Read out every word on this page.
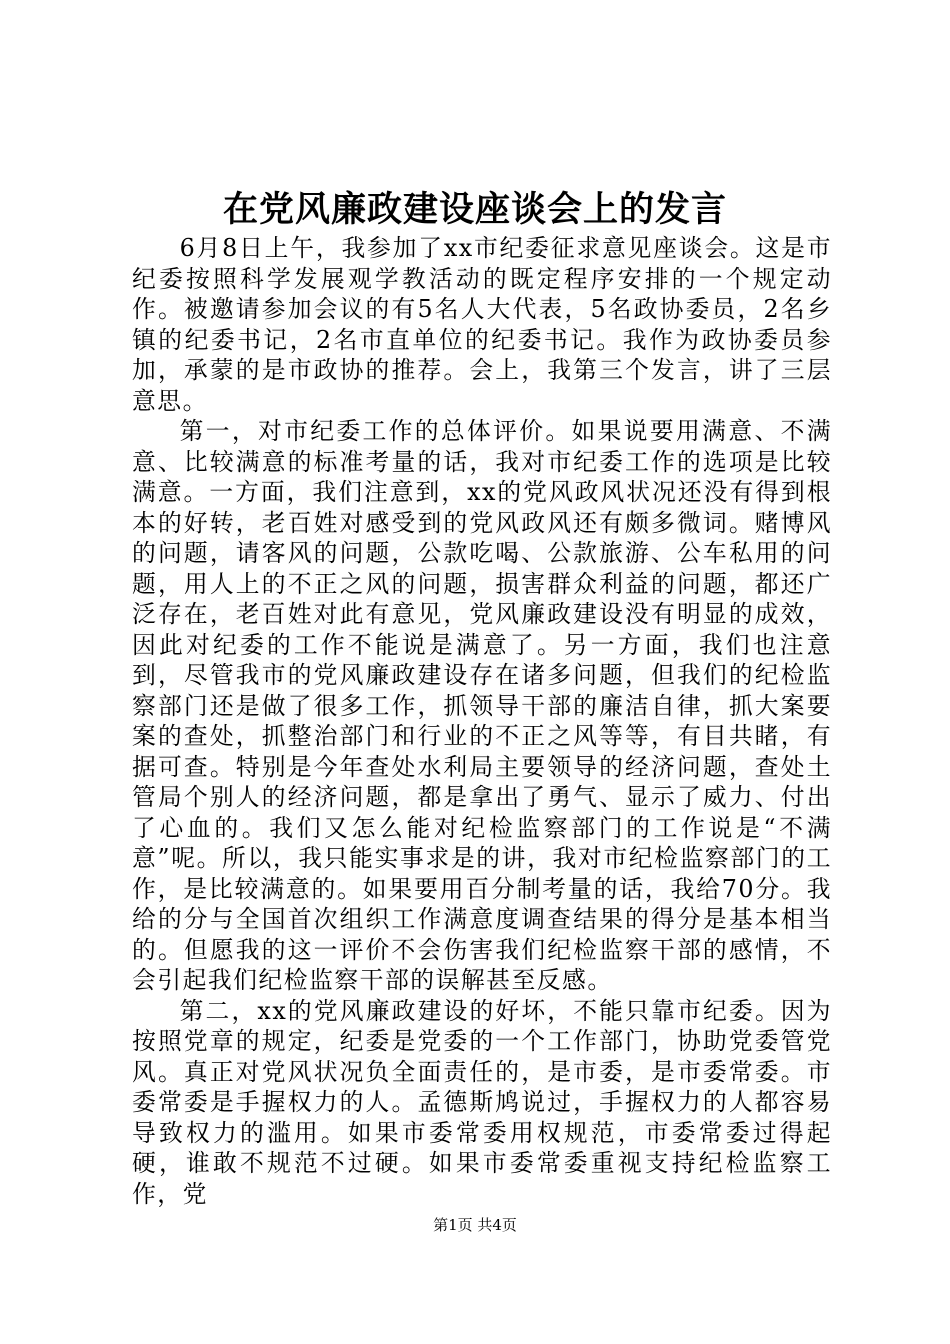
在党风廉政建设座谈会上的发言

6月8日上午，我参加了xx市纪委征求意见座谈会。这是市纪委按照科学发展观学教活动的既定程序安排的一个规定动作。被邀请参加会议的有5名人大代表，5名政协委员，2名乡镇的纪委书记，2名市直单位的纪委书记。我作为政协委员参加，承蒙的是市政协的推荐。会上，我第三个发言，讲了三层意思。

第一，对市纪委工作的总体评价。如果说要用满意、不满意、比较满意的标准考量的话，我对市纪委工作的选项是比较满意。一方面，我们注意到，xx的党风政风状况还没有得到根本的好转，老百姓对感受到的党风政风还有颇多微词。赌博风的问题，请客风的问题，公款吃喝、公款旅游、公车私用的问题，用人上的不正之风的问题，损害群众利益的问题，都还广泛存在，老百姓对此有意见，党风廉政建设没有明显的成效，因此对纪委的工作不能说是满意了。另一方面，我们也注意到，尽管我市的党风廉政建设存在诸多问题，但我们的纪检监察部门还是做了很多工作，抓领导干部的廉洁自律，抓大案要案的查处，抓整治部门和行业的不正之风等等，有目共睹，有据可查。特别是今年查处水利局主要领导的经济问题，查处土管局个别人的经济问题，都是拿出了勇气、显示了威力、付出了心血的。我们又怎么能对纪检监察部门的工作说是“不满意”呢。所以，我只能实事求是的讲，我对市纪检监察部门的工作，是比较满意的。如果要用百分制考量的话，我给70分。我给的分与全国首次组织工作满意度调查结果的得分是基本相当的。但愿我的这一评价不会伤害我们纪检监察干部的感情，不会引起我们纪检监察干部的误解甚至反感。

第二，xx的党风廉政建设的好坏，不能只靠市纪委。因为按照党章的规定，纪委是党委的一个工作部门，协助党委管党风。真正对党风状况负全面责任的，是市委，是市委常委。市委常委是手握权力的人。孟德斯鸠说过，手握权力的人都容易导致权力的滥用。如果市委常委用权规范，市委常委过得起硬，谁敢不规范不过硬。如果市委常委重视支持纪检监察工作，党

第1页 共4页
